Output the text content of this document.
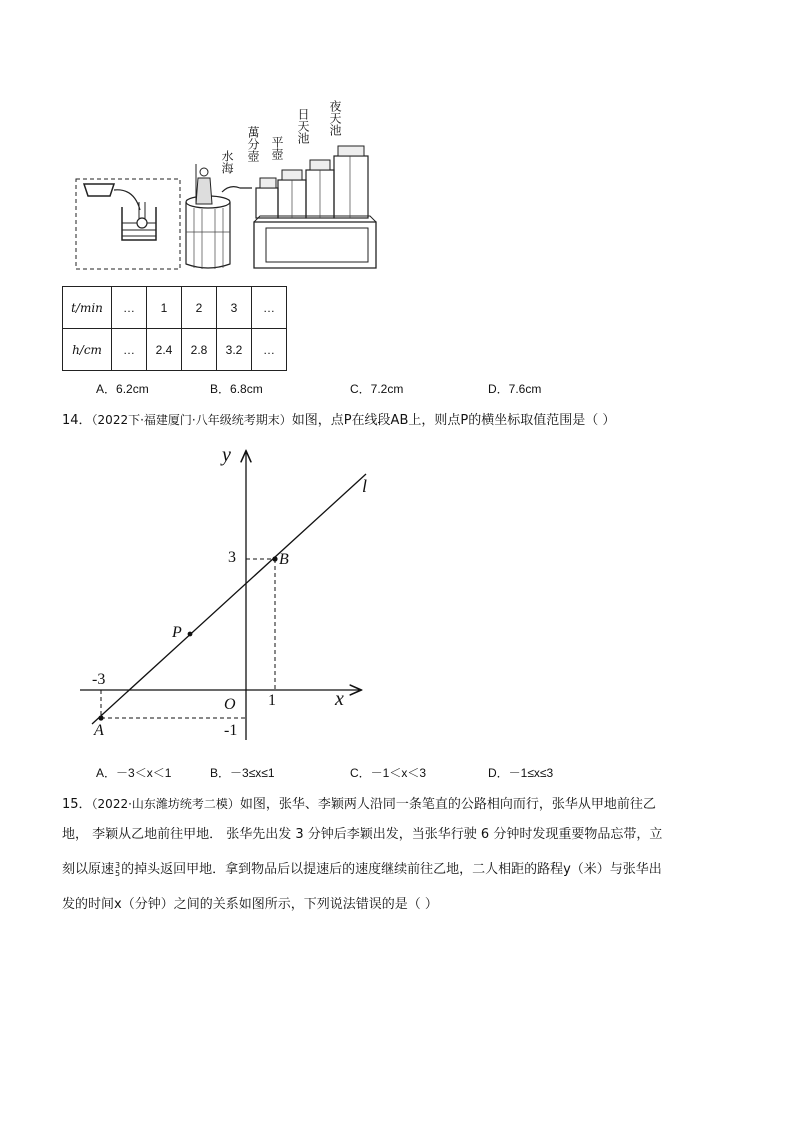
水海 萬分壺 平壺
日天池 夜天池
t/min	…	1	2	3	…
h/cm	…	2.4	2.8	3.2	…
A．6.2cm	B．6.8cm	C．7.2cm	D．7.6cm
14．（2022下·福建厦门·八年级统考期末）如图，点P在线段AB上，则点P的横坐标取值范围是（ ）
y
x
l
B
A
P
O
3
-3
1
-1
A．－3＜x＜1	B．－3≤x≤1	C．－1＜x＜3	D．－1≤x≤3
15．（2022·山东潍坊统考二模）如图，张华、李颖两人沿同一条笔直的公路相向而行，张华从甲地前往乙
地， 李颖从乙地前往甲地． 张华先出发 3 分钟后李颖出发，当张华行驶 6 分钟时发现重要物品忘带，立
刻以原速 3
5 的掉头返回甲地．拿到物品后以提速后的速度继续前往乙地，二人相距的路程y（米）与张华出
发的时间x（分钟）之间的关系如图所示，下列说法错误的是（ ）
